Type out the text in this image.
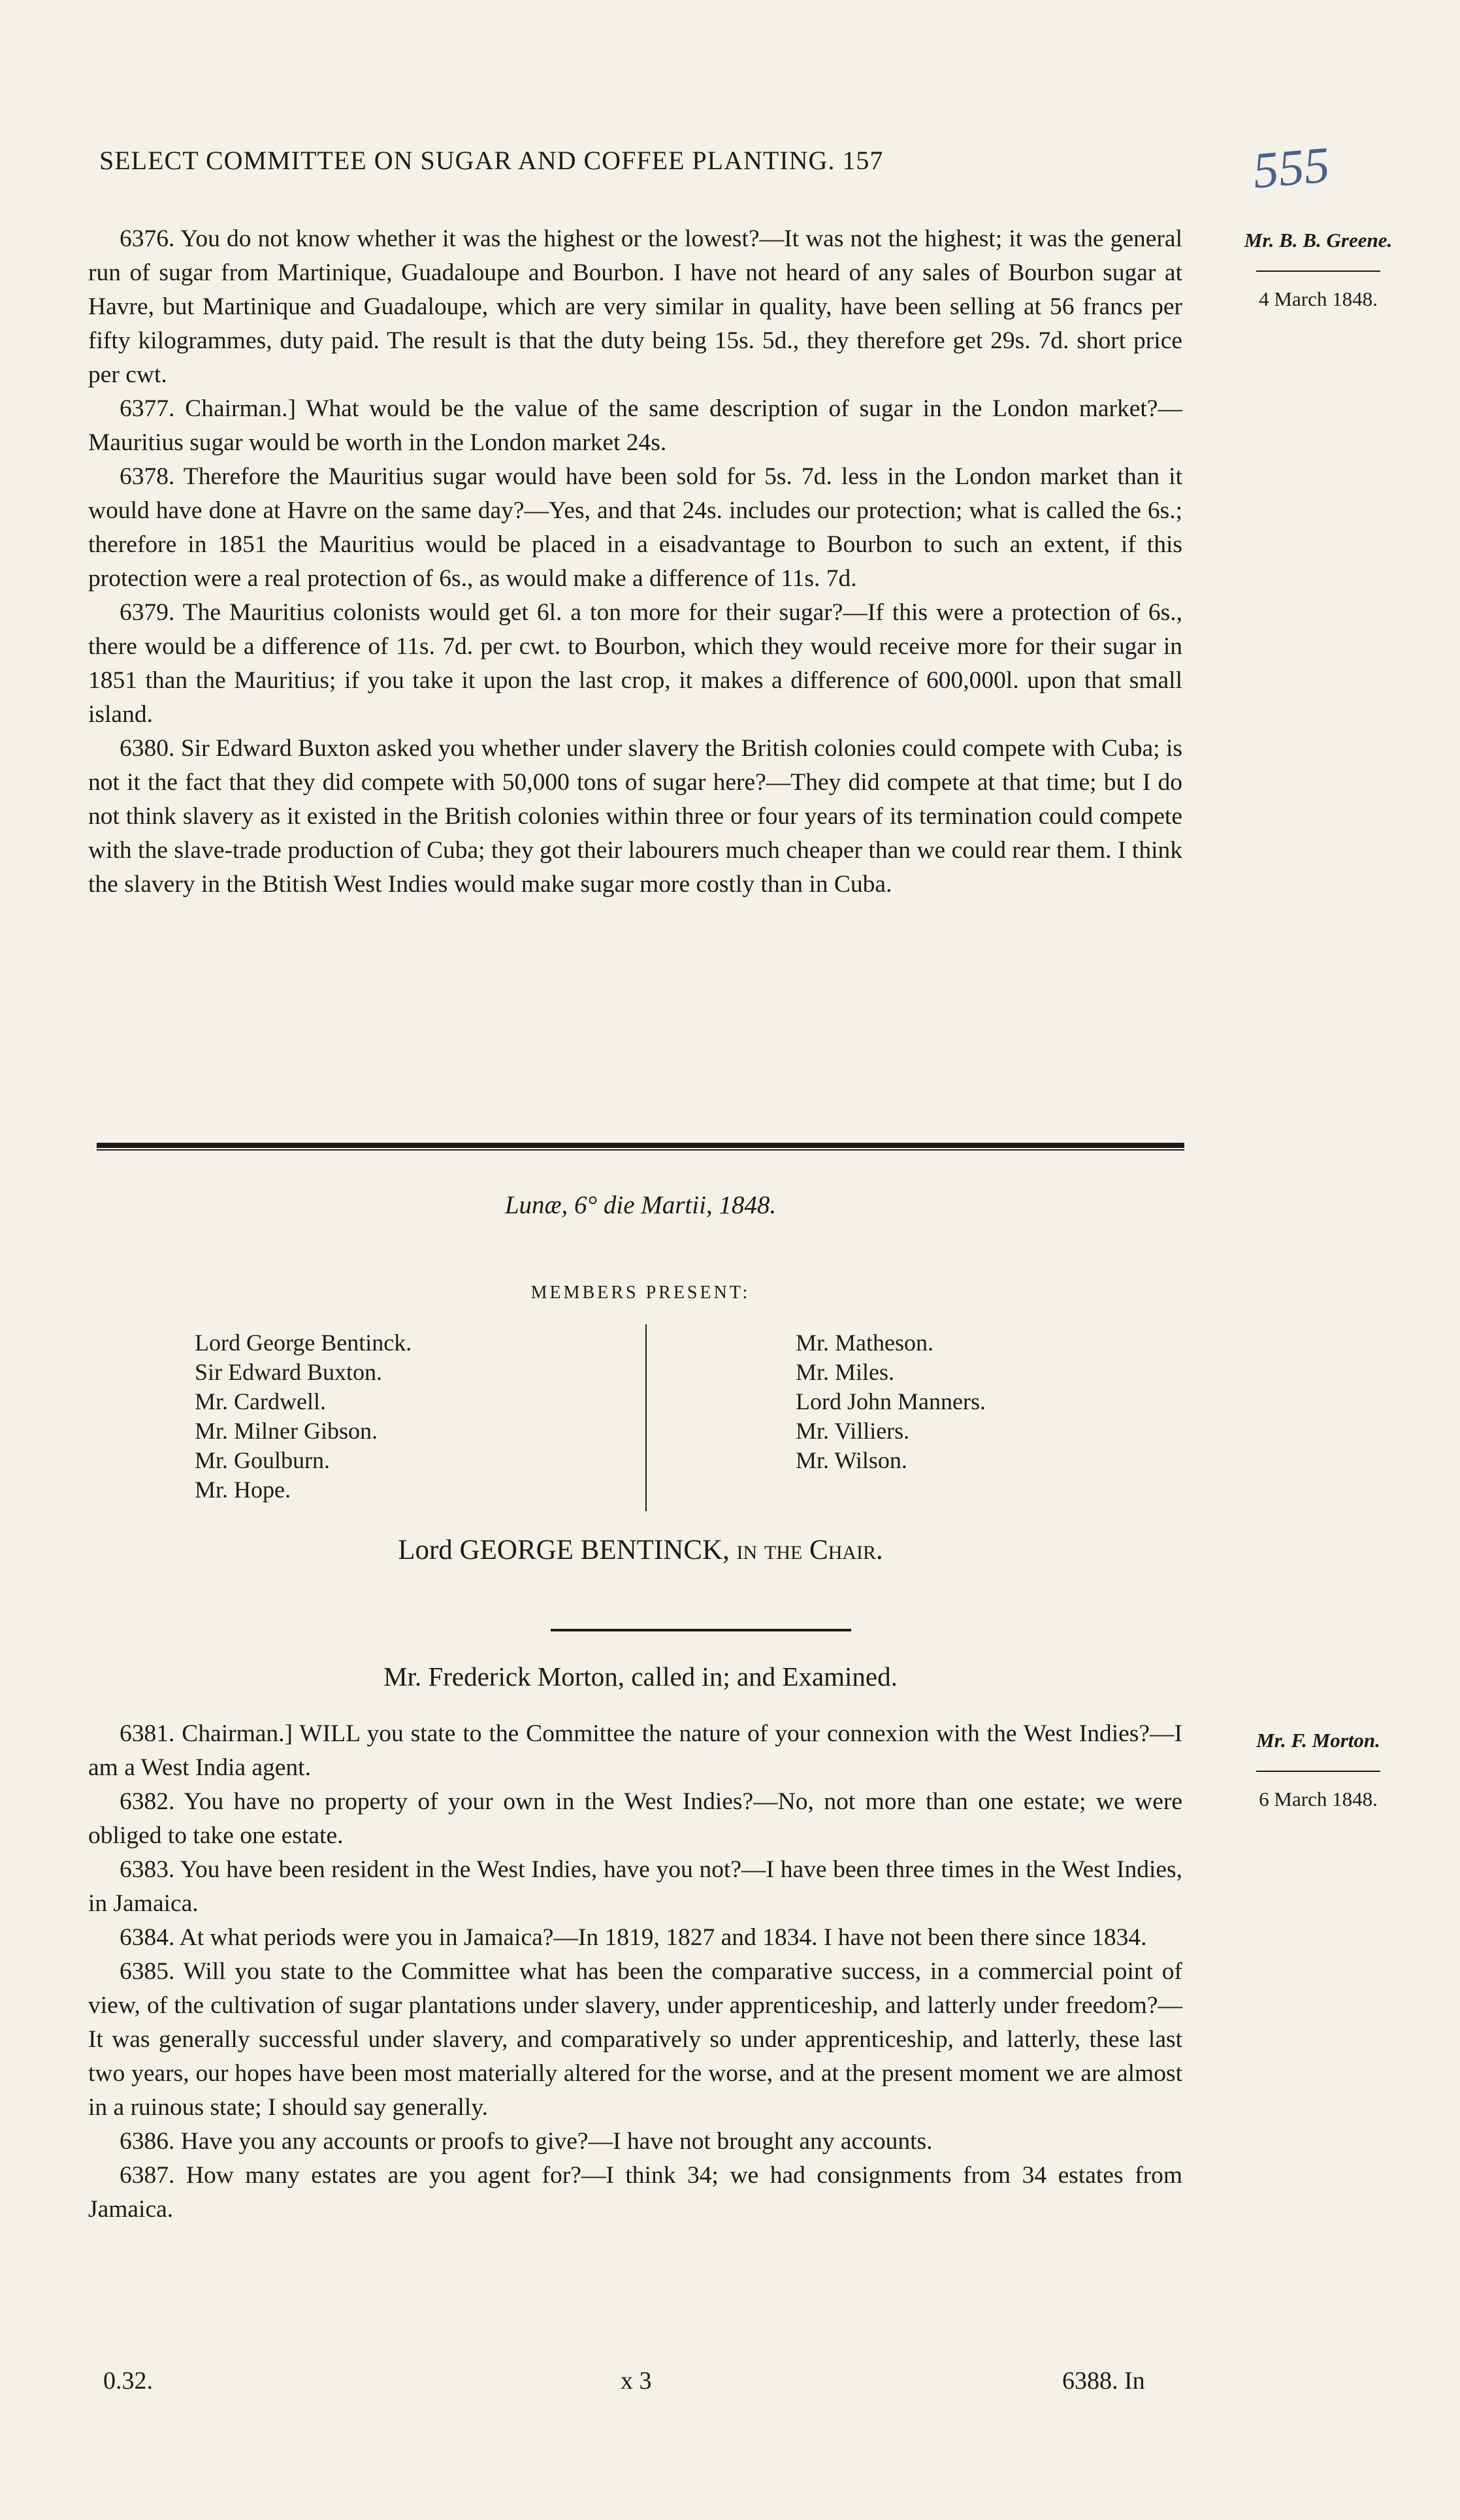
SELECT COMMITTEE ON SUGAR AND COFFEE PLANTING. 157	555
Mr. B. B. Greene.
4 March 1848.

6376. You do not know whether it was the highest or the lowest?—It was not the highest; it was the general run of sugar from Martinique, Guadaloupe and Bourbon. I have not heard of any sales of Bourbon sugar at Havre, but Martinique and Guadaloupe, which are very similar in quality, have been selling at 56 francs per fifty kilogrammes, duty paid. The result is that the duty being 15s. 5d., they therefore get 29s. 7d. short price per cwt.

6377. Chairman.] What would be the value of the same description of sugar in the London market?—Mauritius sugar would be worth in the London market 24s.

6378. Therefore the Mauritius sugar would have been sold for 5s. 7d. less in the London market than it would have done at Havre on the same day?—Yes, and that 24s. includes our protection; what is called the 6s.; therefore in 1851 the Mauritius would be placed in a eisadvantage to Bourbon to such an extent, if this protection were a real protection of 6s., as would make a difference of 11s. 7d.

6379. The Mauritius colonists would get 6l. a ton more for their sugar?—If this were a protection of 6s., there would be a difference of 11s. 7d. per cwt. to Bourbon, which they would receive more for their sugar in 1851 than the Mauritius; if you take it upon the last crop, it makes a difference of 600,000l. upon that small island.

6380. Sir Edward Buxton asked you whether under slavery the British colonies could compete with Cuba; is not it the fact that they did compete with 50,000 tons of sugar here?—They did compete at that time; but I do not think slavery as it existed in the British colonies within three or four years of its termination could compete with the slave-trade production of Cuba; they got their labourers much cheaper than we could rear them. I think the slavery in the Btitish West Indies would make sugar more costly than in Cuba.

Lunæ, 6° die Martii, 1848.
MEMBERS PRESENT:
Lord George Bentinck.
Sir Edward Buxton.
Mr. Cardwell.
Mr. Milner Gibson.
Mr. Goulburn.
Mr. Hope.
Mr. Matheson.
Mr. Miles.
Lord John Manners.
Mr. Villiers.
Mr. Wilson.
Lord GEORGE BENTINCK, in the Chair.
Mr. Frederick Morton, called in; and Examined.
Mr. F. Morton.
6 March 1848.

6381. Chairman.] WILL you state to the Committee the nature of your connexion with the West Indies?—I am a West India agent.

6382. You have no property of your own in the West Indies?—No, not more than one estate; we were obliged to take one estate.

6383. You have been resident in the West Indies, have you not?—I have been three times in the West Indies, in Jamaica.

6384. At what periods were you in Jamaica?—In 1819, 1827 and 1834. I have not been there since 1834.

6385. Will you state to the Committee what has been the comparative success, in a commercial point of view, of the cultivation of sugar plantations under slavery, under apprenticeship, and latterly under freedom?—It was generally successful under slavery, and comparatively so under apprenticeship, and latterly, these last two years, our hopes have been most materially altered for the worse, and at the present moment we are almost in a ruinous state; I should say generally.

6386. Have you any accounts or proofs to give?—I have not brought any accounts.

6387. How many estates are you agent for?—I think 34; we had consignments from 34 estates from Jamaica.

0.32.	x 3	6388. In
